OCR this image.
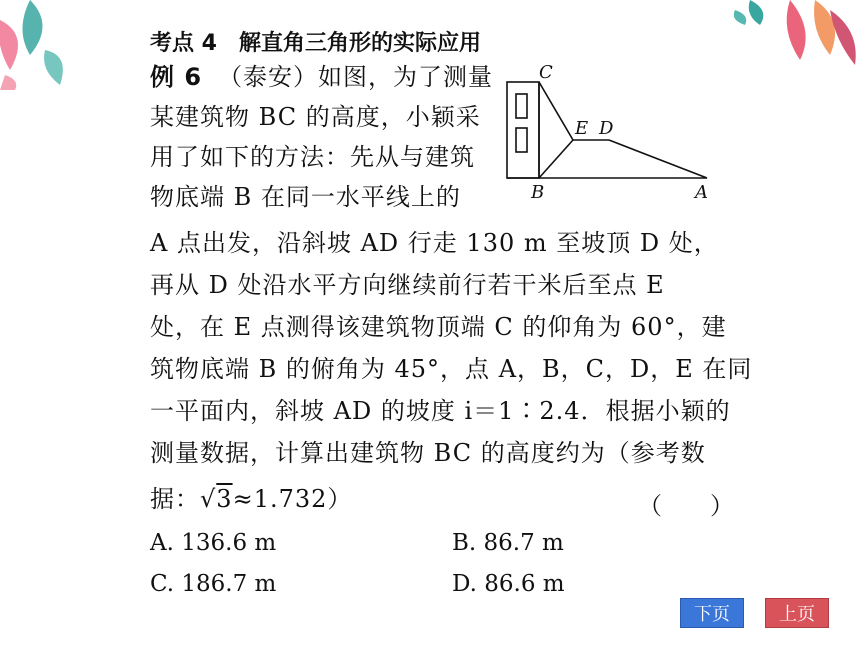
考点 4 解直角三角形的实际应用
例 6 （泰安）如图，为了测量
某建筑物 BC 的高度，小颖采
用了如下的方法：先从与建筑
物底端 B 在同一水平线上的
A 点出发，沿斜坡 AD 行走 130 m 至坡顶 D 处，
再从 D 处沿水平方向继续前行若干米后至点 E
处，在 E 点测得该建筑物顶端 C 的仰角为 60°，建
筑物底端 B 的俯角为 45°，点 A，B，C，D，E 在同
一平面内，斜坡 AD 的坡度 i＝1∶2.4．根据小颖的
测量数据，计算出建筑物 BC 的高度约为（参考数
据：√3≈1.732）	（　　）
C
E D
B	A
A. 136.6 m	B. 86.7 m
C. 186.7 m	D. 86.6 m
下页	上页
